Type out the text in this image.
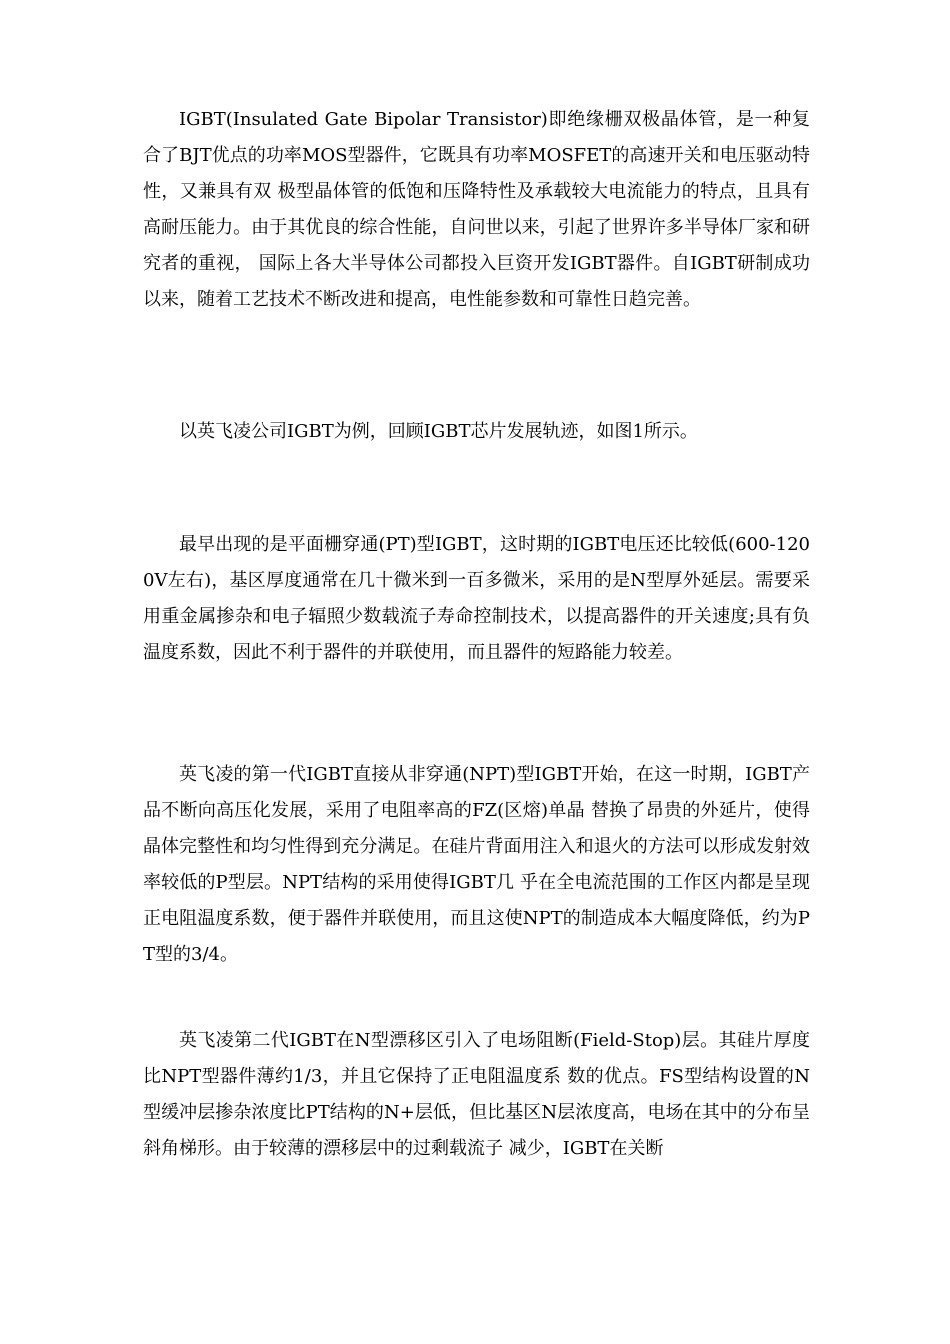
IGBT(Insulated Gate Bipolar Transistor)即绝缘栅双极晶体管，是一种复合了BJT优点的功率MOS型器件，它既具有功率MOSFET的高速开关和电压驱动特性，又兼具有双 极型晶体管的低饱和压降特性及承载较大电流能力的特点，且具有高耐压能力。由于其优良的综合性能，自问世以来，引起了世界许多半导体厂家和研究者的重视， 国际上各大半导体公司都投入巨资开发IGBT器件。自IGBT研制成功以来，随着工艺技术不断改进和提高，电性能参数和可靠性日趋完善。

以英飞凌公司IGBT为例，回顾IGBT芯片发展轨迹，如图1所示。

最早出现的是平面栅穿通(PT)型IGBT，这时期的IGBT电压还比较低(600-1200V左右)，基区厚度通常在几十微米到一百多微米，采用的是N型厚外延层。需要采用重金属掺杂和电子辐照少数载流子寿命控制技术，以提高器件的开关速度;具有负温度系数，因此不利于器件的并联使用，而且器件的短路能力较差。

英飞凌的第一代IGBT直接从非穿通(NPT)型IGBT开始，在这一时期，IGBT产品不断向高压化发展，采用了电阻率高的FZ(区熔)单晶 替换了昂贵的外延片，使得晶体完整性和均匀性得到充分满足。在硅片背面用注入和退火的方法可以形成发射效率较低的P型层。NPT结构的采用使得IGBT几 乎在全电流范围的工作区内都是呈现正电阻温度系数，便于器件并联使用，而且这使NPT的制造成本大幅度降低，约为PT型的3/4。

英飞凌第二代IGBT在N型漂移区引入了电场阻断(Field-Stop)层。其硅片厚度比NPT型器件薄约1/3，并且它保持了正电阻温度系 数的优点。FS型结构设置的N型缓冲层掺杂浓度比PT结构的N+层低，但比基区N层浓度高，电场在其中的分布呈斜角梯形。由于较薄的漂移层中的过剩载流子 减少，IGBT在关断
